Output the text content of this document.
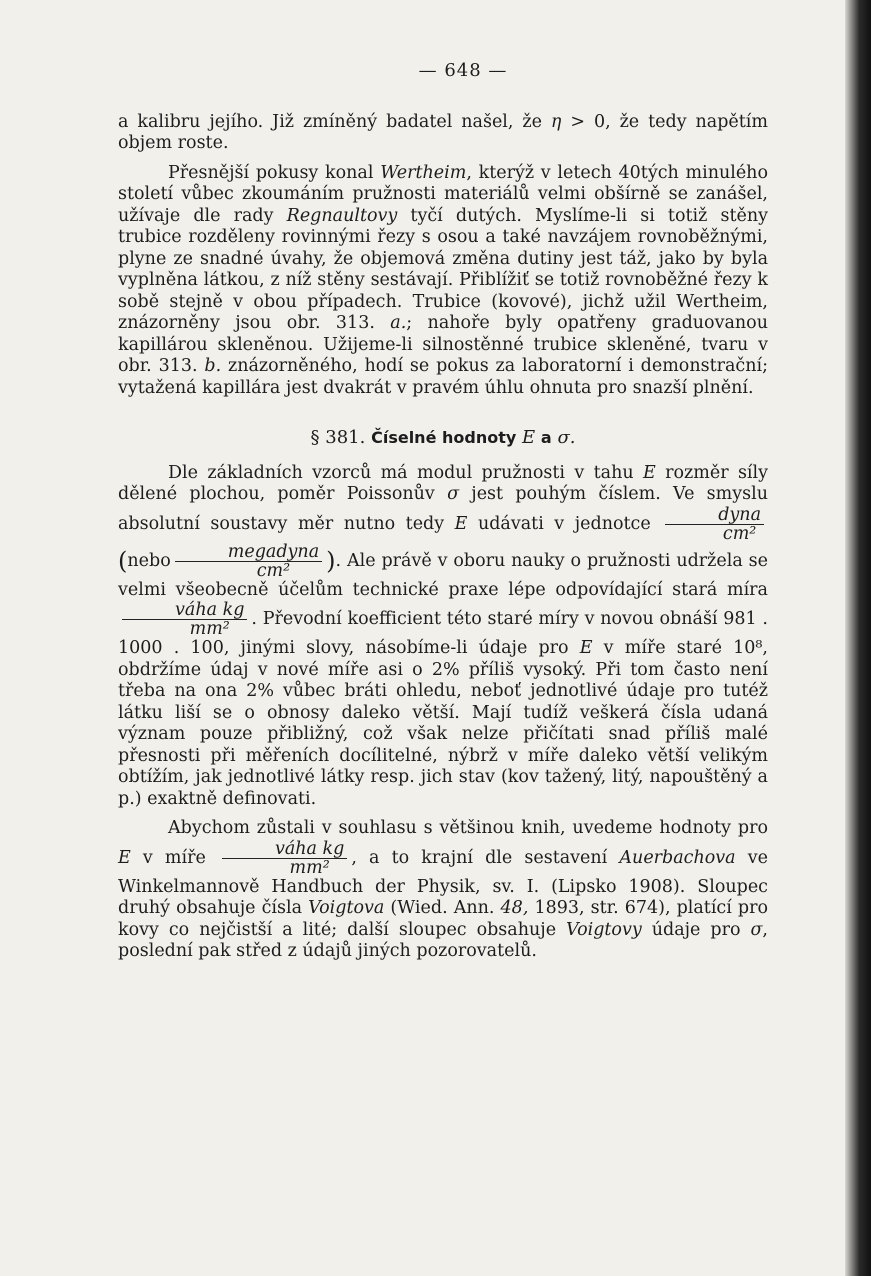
— 648 —

a kalibru jejího. Již zmíněný badatel našel, že η > 0, že tedy napětím objem roste.

Přesnější pokusy konal Wertheim, kterýž v letech 40tých minulého století vůbec zkoumáním pružnosti materiálů velmi obšírně se zanášel, užívaje dle rady Regnaultovy tyčí dutých. Myslíme-li si totiž stěny trubice rozděleny rovinnými řezy s osou a také navzájem rovnoběžnými, plyne ze snadné úvahy, že objemová změna dutiny jest táž, jako by byla vyplněna látkou, z níž stěny sestávají. Přiblížiť se totiž rovnoběžné řezy k sobě stejně v obou případech. Trubice (kovové), jichž užil Wertheim, znázorněny jsou obr. 313. a.; nahoře byly opatřeny graduovanou kapillárou skleněnou. Užijeme-li silnostěnné trubice skleněné, tvaru v obr. 313. b. znázorněného, hodí se pokus za laboratorní i demonstrační; vytažená kapillára jest dvakrát v pravém úhlu ohnuta pro snazší plnění.

§ 381. Číselné hodnoty E a σ.

Dle základních vzorců má modul pružnosti v tahu E rozměr síly dělené plochou, poměr Poissonův σ jest pouhým číslem. Ve smyslu absolutní soustavy měr nutno tedy E udávati v jednotce $\frac{\text{dyna}}{\text{cm²}}$
(nebo $\frac{\text{megadyna}}{\text{cm²}}$ ). Ale právě v oboru nauky o pružnosti udržela se velmi všeobecně účelům technické praxe lépe odpovídající stará míra
$\frac{\text{váha kg}}{\text{mm²}}$ . Převodní koefficient této staré míry v novou obnáší 981 . 1000 . 100, jinými slovy, násobíme-li údaje pro E v míře staré 10⁸, obdržíme údaj v nové míře asi o 2% příliš vysoký. Při tom často není třeba na ona 2% vůbec bráti ohledu, neboť jednotlivé údaje pro tutéž látku liší se o obnosy daleko větší. Mají tudíž veškerá čísla udaná význam pouze přibližný, což však nelze přičítati snad příliš malé přesnosti při měřeních docílitelné, nýbrž v míře daleko větší velikým obtížím, jak jednotlivé látky resp. jich stav (kov tažený, litý, napouštěný a p.) exaktně definovati.

Abychom zůstali v souhlasu s většinou knih, uvedeme hodnoty pro E v míře $\frac{\text{váha kg}}{\text{mm²}}$ , a to krajní dle sestavení Auerbachova ve Winkelmannově Handbuch der Physik, sv. I. (Lipsko 1908). Sloupec druhý obsahuje čísla Voigtova (Wied. Ann. 48, 1893, str. 674), platící pro kovy co nejčistší a lité; další sloupec obsahuje Voigtovy údaje pro σ, poslední pak střed z údajů jiných pozorovatelů.
